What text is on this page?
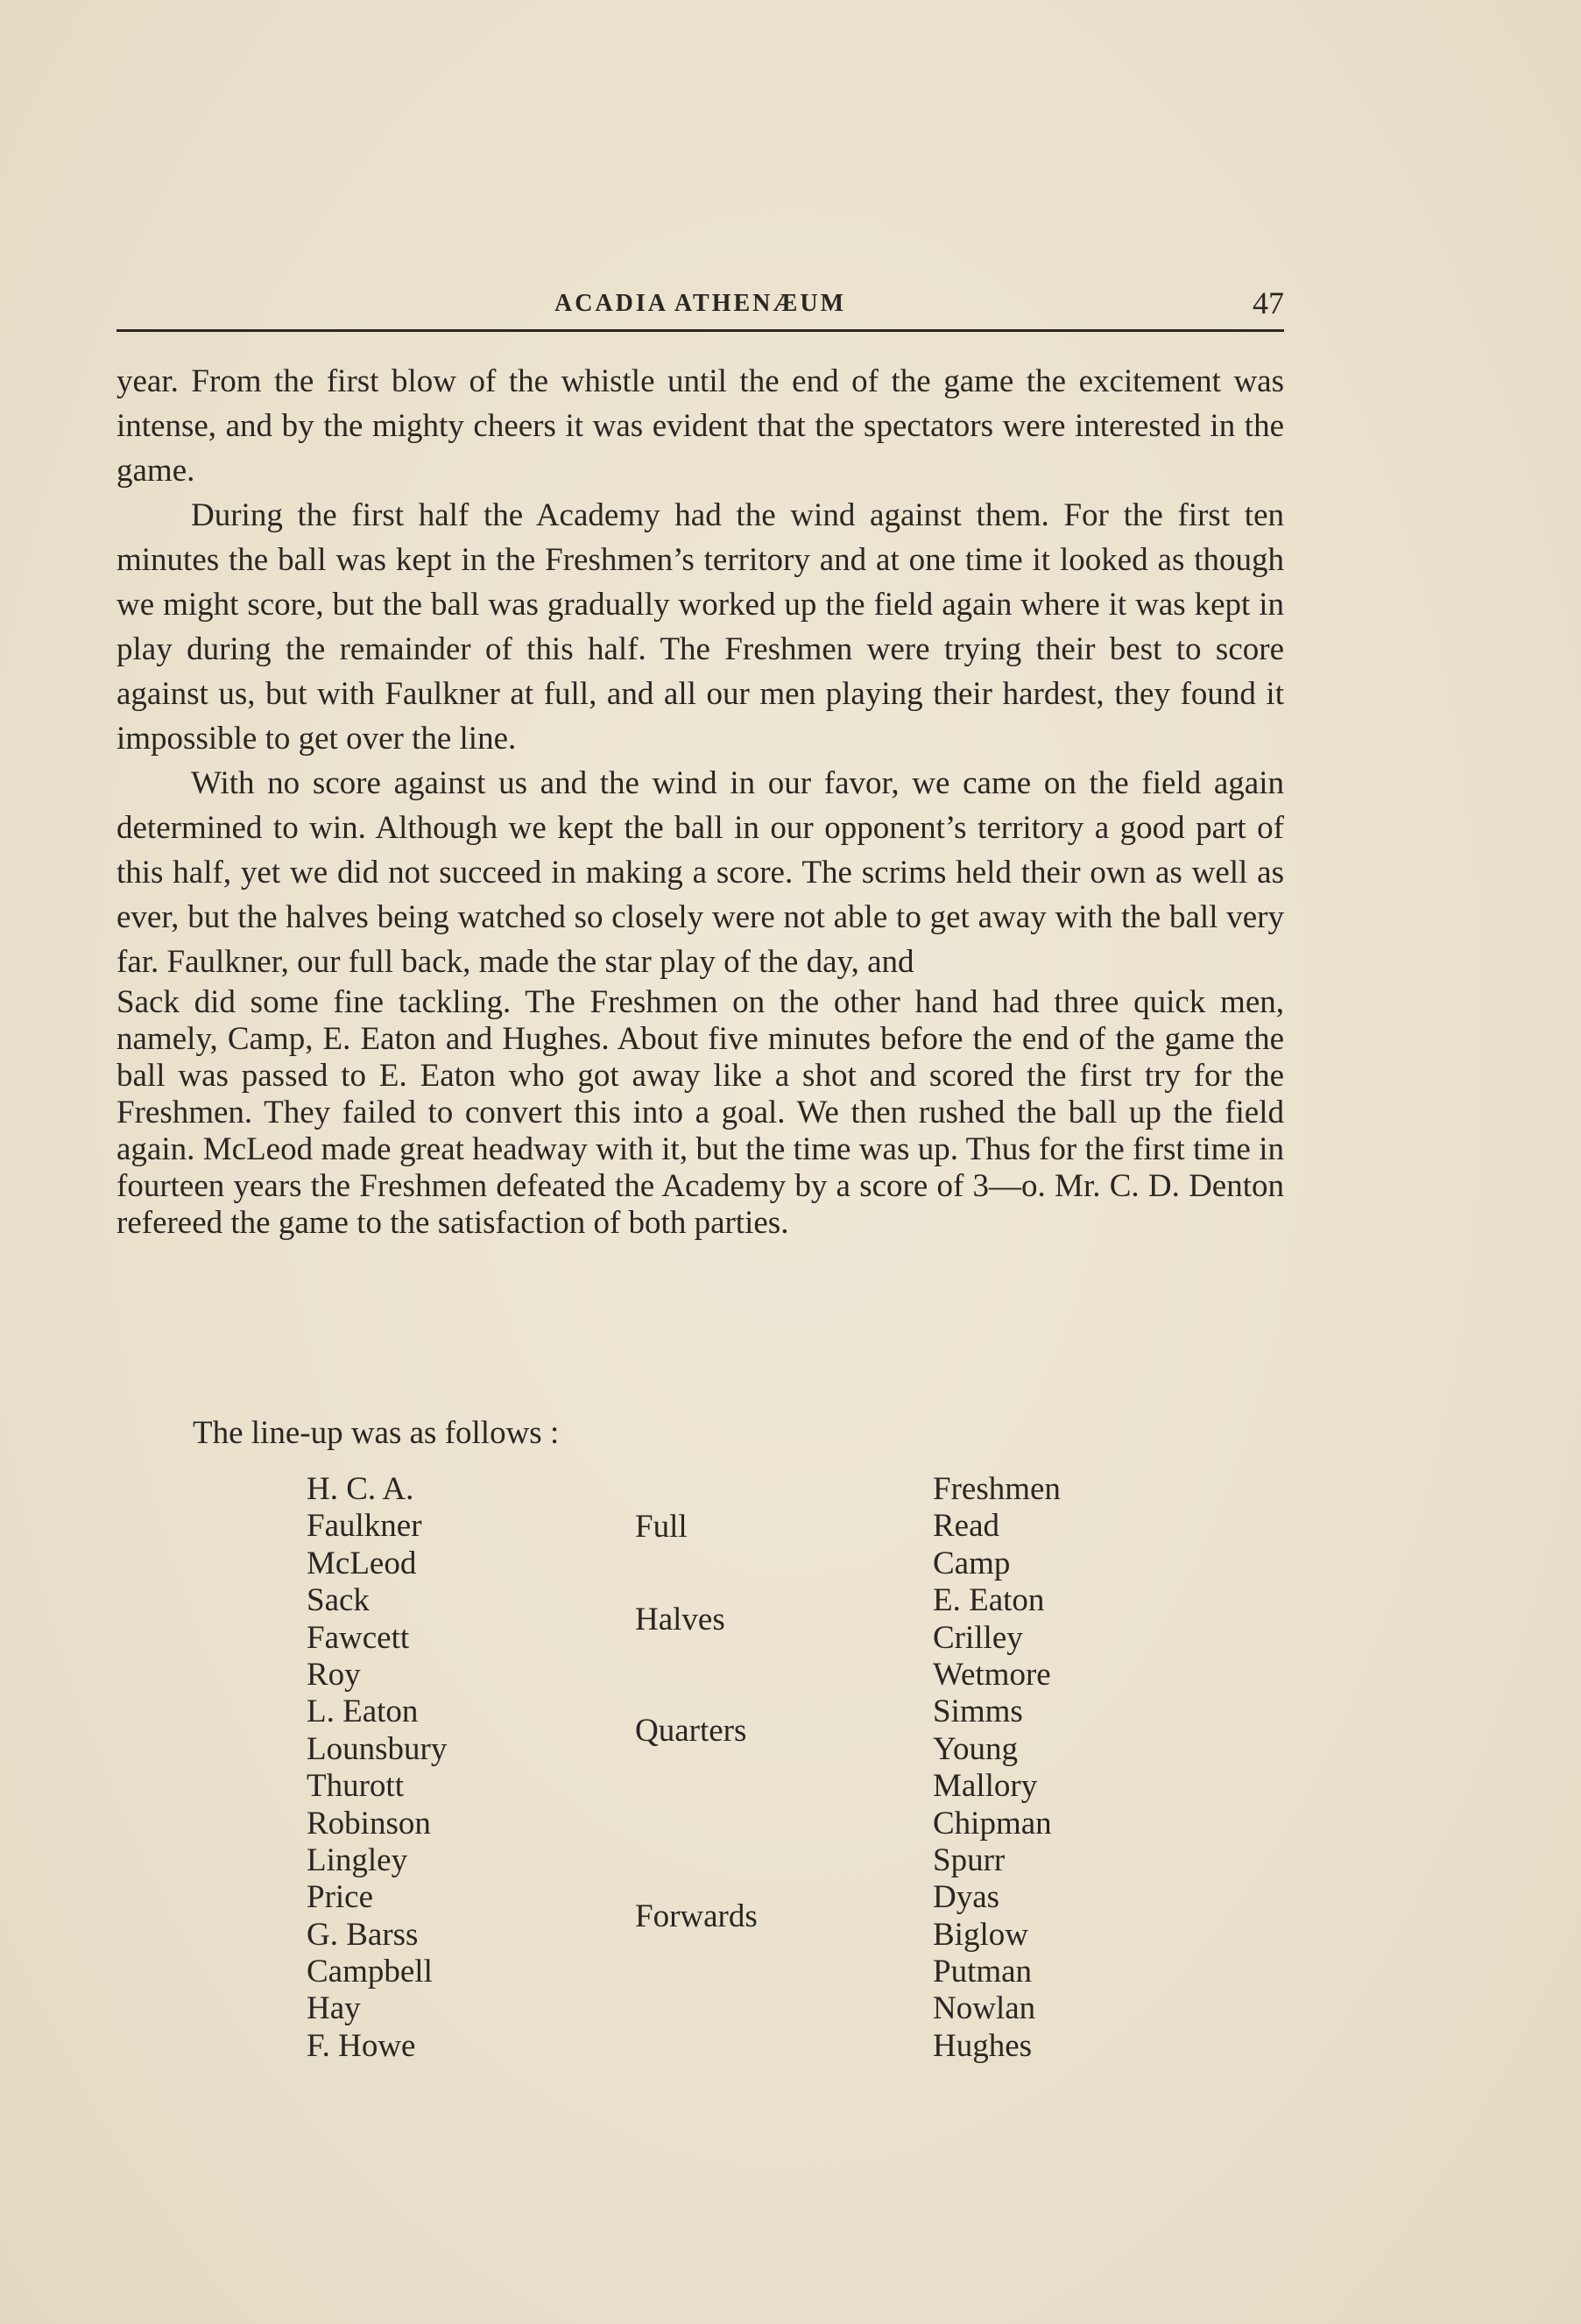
ACADIA ATHENÆUM	47

year. From the first blow of the whistle until the end of the game the excitement was intense, and by the mighty cheers it was evident that the spectators were interested in the game.

During the first half the Academy had the wind against them. For the first ten minutes the ball was kept in the Freshmen’s territory and at one time it looked as though we might score, but the ball was gradually worked up the field again where it was kept in play during the remainder of this half. The Freshmen were trying their best to score against us, but with Faulkner at full, and all our men playing their hardest, they found it impossible to get over the line.

With no score against us and the wind in our favor, we came on the field again determined to win. Although we kept the ball in our opponent’s territory a good part of this half, yet we did not succeed in making a score. The scrims held their own as well as ever, but the halves being watched so closely were not able to get away with the ball very far. Faulkner, our full back, made the star play of the day, and

Sack did some fine tackling. The Freshmen on the other hand had three quick men, namely, Camp, E. Eaton and Hughes. About five minutes before the end of the game the ball was passed to E. Eaton who got away like a shot and scored the first try for the Freshmen. They failed to convert this into a goal. We then rushed the ball up the field again. McLeod made great headway with it, but the time was up. Thus for the first time in fourteen years the Freshmen defeated the Academy by a score of 3—o. Mr. C. D. Denton refereed the game to the satisfaction of both parties.

The line-up was as follows :
H. C. A.
Faulkner
McLeod
Sack
Fawcett
Roy
L. Eaton
Lounsbury
Thurott
Robinson
Lingley
Price
G. Barss
Campbell
Hay
F. Howe
Full
Halves
Quarters
Forwards
Freshmen
Read
Camp
E. Eaton
Crilley
Wetmore
Simms
Young
Mallory
Chipman
Spurr
Dyas
Biglow
Putman
Nowlan
Hughes
